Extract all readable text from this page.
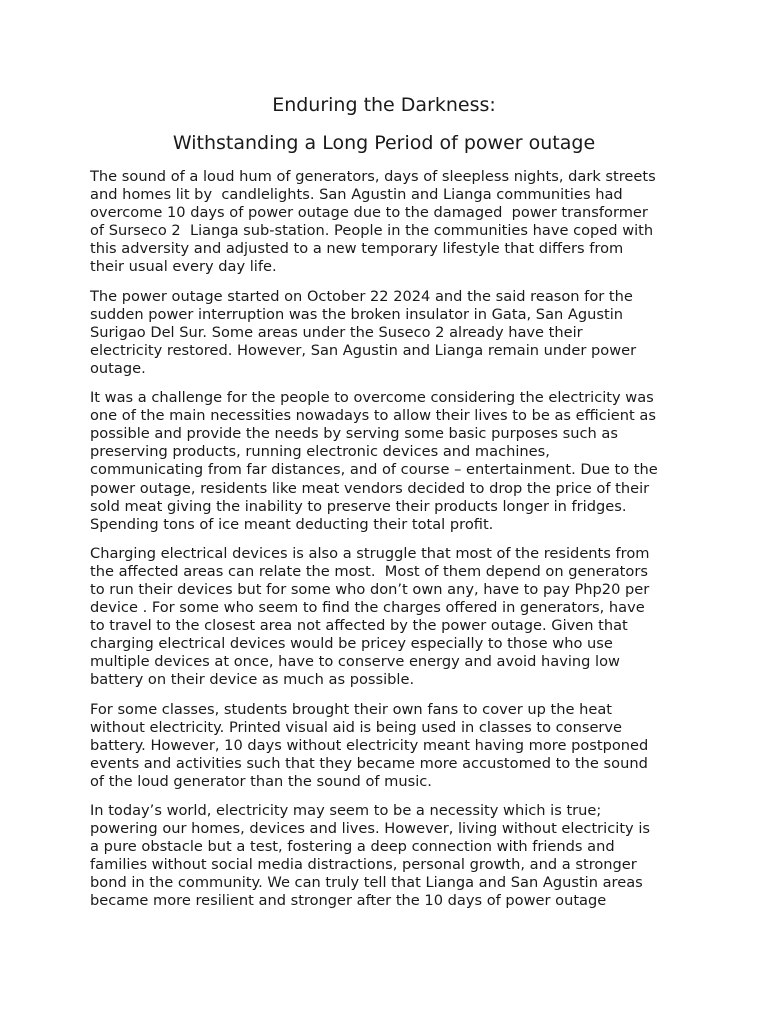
Enduring the Darkness:
Withstanding a Long Period of power outage

The sound of a loud hum of generators, days of sleepless nights, dark streets
and homes lit by  candlelights. San Agustin and Lianga communities had
overcome 10 days of power outage due to the damaged  power transformer
of Surseco 2  Lianga sub-station. People in the communities have coped with
this adversity and adjusted to a new temporary lifestyle that differs from
their usual every day life.

The power outage started on October 22 2024 and the said reason for the
sudden power interruption was the broken insulator in Gata, San Agustin
Surigao Del Sur. Some areas under the Suseco 2 already have their
electricity restored. However, San Agustin and Lianga remain under power
outage.

It was a challenge for the people to overcome considering the electricity was
one of the main necessities nowadays to allow their lives to be as efficient as
possible and provide the needs by serving some basic purposes such as
preserving products, running electronic devices and machines,
communicating from far distances, and of course – entertainment. Due to the
power outage, residents like meat vendors decided to drop the price of their
sold meat giving the inability to preserve their products longer in fridges.
Spending tons of ice meant deducting their total profit.

Charging electrical devices is also a struggle that most of the residents from
the affected areas can relate the most.  Most of them depend on generators
to run their devices but for some who don’t own any, have to pay Php20 per
device . For some who seem to find the charges offered in generators, have
to travel to the closest area not affected by the power outage. Given that
charging electrical devices would be pricey especially to those who use
multiple devices at once, have to conserve energy and avoid having low
battery on their device as much as possible.

For some classes, students brought their own fans to cover up the heat
without electricity. Printed visual aid is being used in classes to conserve
battery. However, 10 days without electricity meant having more postponed
events and activities such that they became more accustomed to the sound
of the loud generator than the sound of music.

In today’s world, electricity may seem to be a necessity which is true;
powering our homes, devices and lives. However, living without electricity is
a pure obstacle but a test, fostering a deep connection with friends and
families without social media distractions, personal growth, and a stronger
bond in the community. We can truly tell that Lianga and San Agustin areas
became more resilient and stronger after the 10 days of power outage
